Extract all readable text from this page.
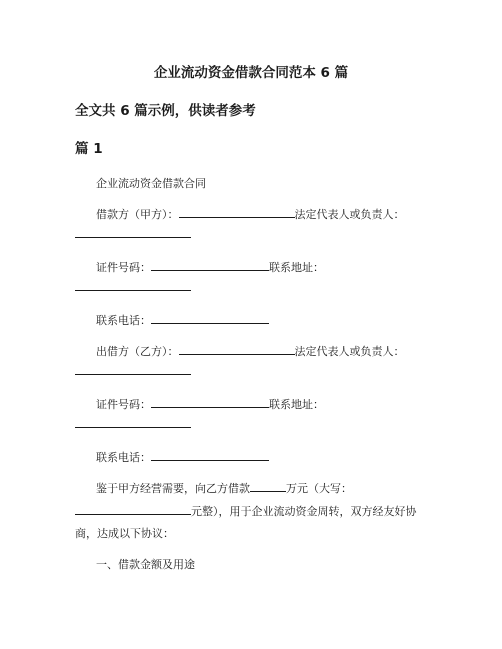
企业流动资金借款合同范本 6 篇
全文共 6 篇示例，供读者参考
篇 1
企业流动资金借款合同
借款方（甲方）：	法定代表人或负责人：
证件号码：	联系地址：
联系电话：
出借方（乙方）：	法定代表人或负责人：
证件号码：	联系地址：
联系电话：
鉴于甲方经营需要，向乙方借款	万元（大写：
元整），用于企业流动资金周转，双方经友好协
商，达成以下协议：
一、借款金额及用途
